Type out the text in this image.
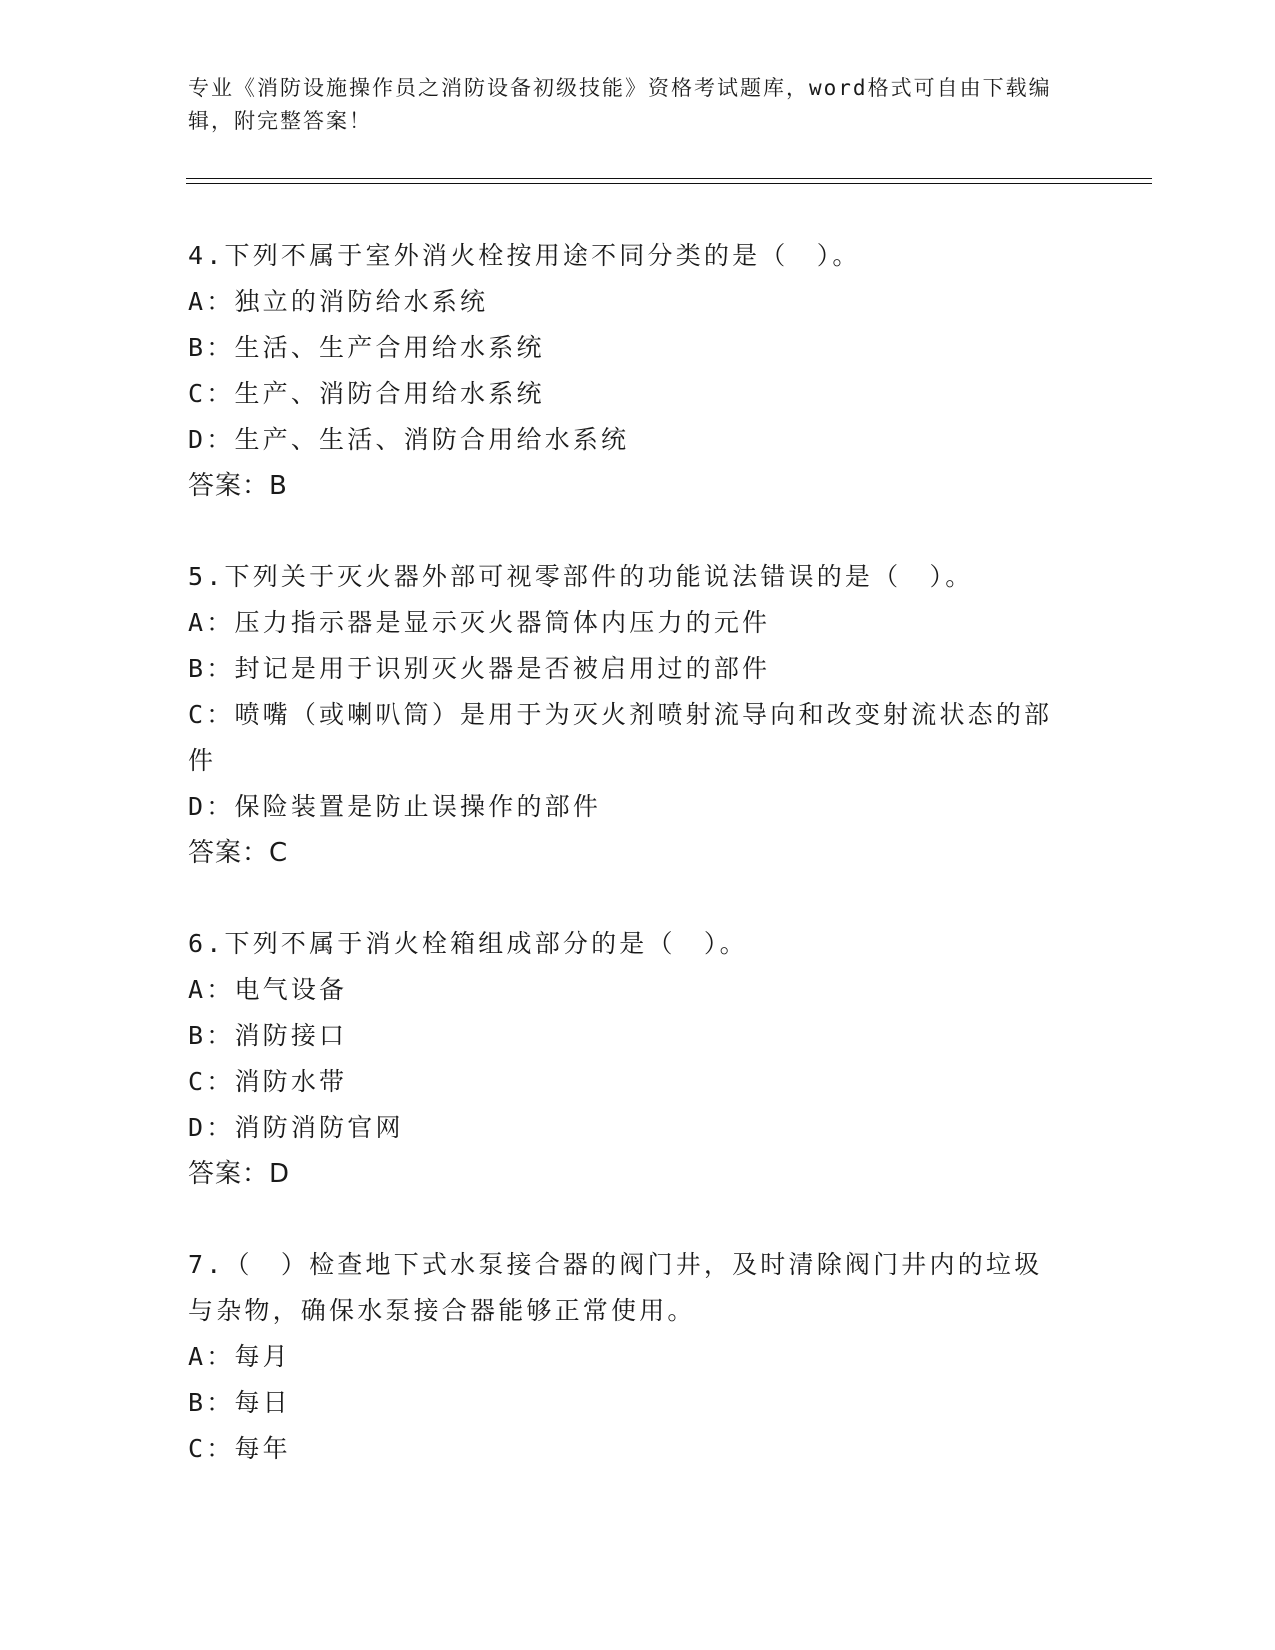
专业《消防设施操作员之消防设备初级技能》资格考试题库，word格式可自由下载编辑，附完整答案！
4.下列不属于室外消火栓按用途不同分类的是（　）。
A：独立的消防给水系统
B：生活、生产合用给水系统
C：生产、消防合用给水系统
D：生产、生活、消防合用给水系统
答案：B
5.下列关于灭火器外部可视零部件的功能说法错误的是（　）。
A：压力指示器是显示灭火器筒体内压力的元件
B：封记是用于识别灭火器是否被启用过的部件
C：喷嘴（或喇叭筒）是用于为灭火剂喷射流导向和改变射流状态的部件
D：保险装置是防止误操作的部件
答案：C
6.下列不属于消火栓箱组成部分的是（　）。
A：电气设备
B：消防接口
C：消防水带
D：消防消防官网
答案：D
7.（　）检查地下式水泵接合器的阀门井，及时清除阀门井内的垃圾与杂物，确保水泵接合器能够正常使用。
A：每月
B：每日
C：每年
